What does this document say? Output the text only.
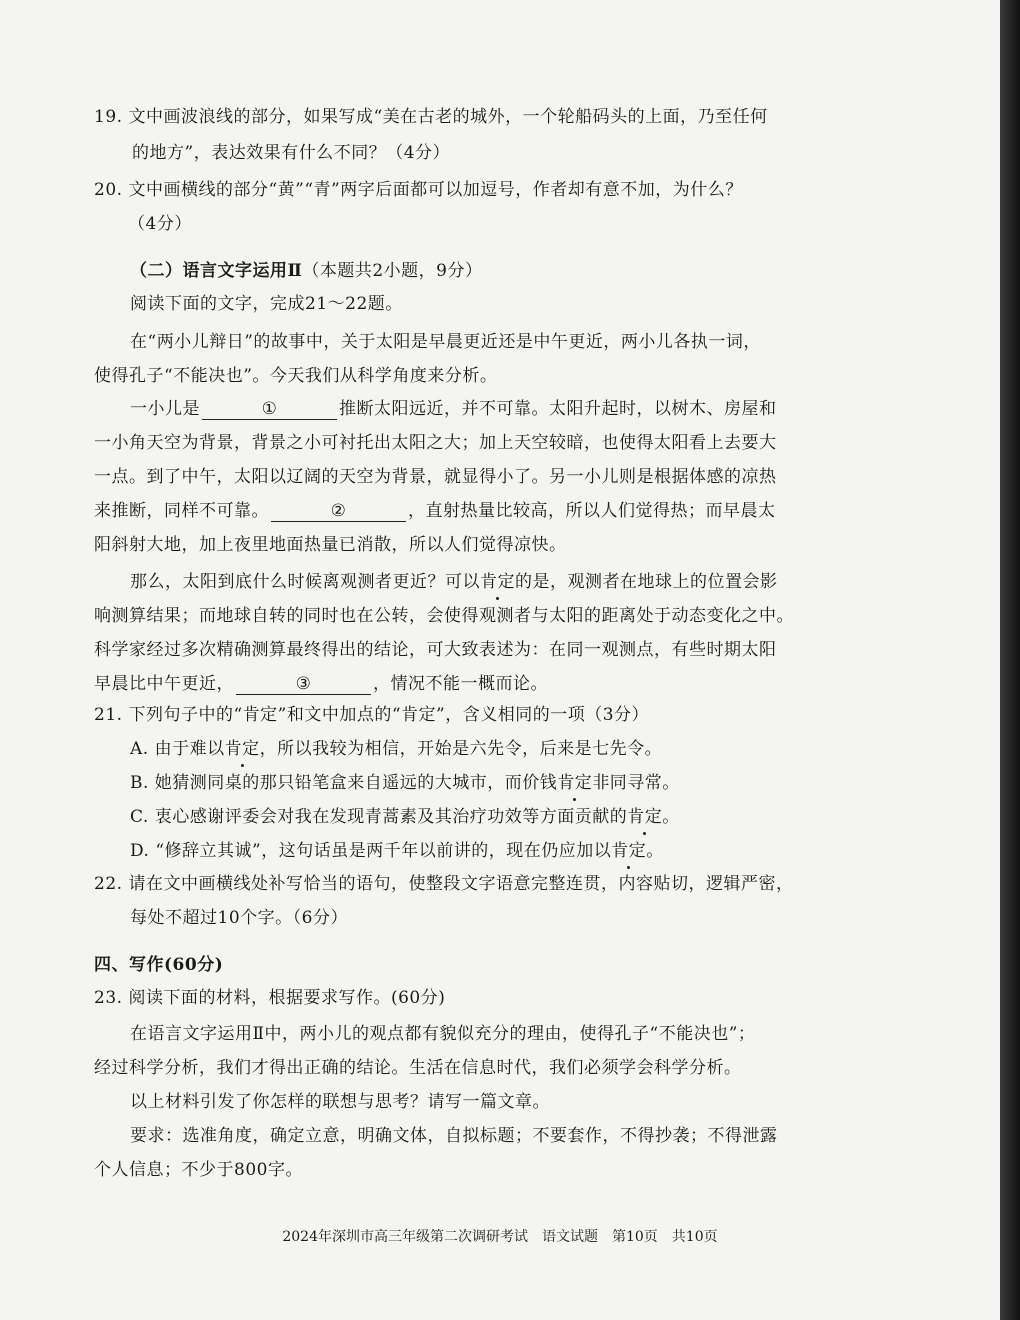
19. 文中画波浪线的部分，如果写成“美在古老的城外，一个轮船码头的上面，乃至任何
的地方”，表达效果有什么不同？（4分）
20. 文中画横线的部分“黄”“青”两字后面都可以加逗号，作者却有意不加，为什么？
（4分）
（二）语言文字运用Ⅱ（本题共2小题，9分）
阅读下面的文字，完成21～22题。
在“两小儿辩日”的故事中，关于太阳是早晨更近还是中午更近，两小儿各执一词，
使得孔子“不能决也”。今天我们从科学角度来分析。
一小儿是	①	推断太阳远近，并不可靠。太阳升起时，以树木、房屋和
一小角天空为背景，背景之小可衬托出太阳之大；加上天空较暗，也使得太阳看上去要大
一点。到了中午，太阳以辽阔的天空为背景，就显得小了。另一小儿则是根据体感的凉热
来推断，同样不可靠。	②	，直射热量比较高，所以人们觉得热；而早晨太
阳斜射大地，加上夜里地面热量已消散，所以人们觉得凉快。
那么，太阳到底什么时候离观测者更近？可以肯定的是，观测者在地球上的位置会影
响测算结果；而地球自转的同时也在公转，会使得观测者与太阳的距离处于动态变化之中。
科学家经过多次精确测算最终得出的结论，可大致表述为：在同一观测点，有些时期太阳
早晨比中午更近，	③	，情况不能一概而论。
21. 下列句子中的“肯定”和文中加点的“肯定”，含义相同的一项（3分）
A. 由于难以肯定，所以我较为相信，开始是六先令，后来是七先令。
B. 她猜测同桌的那只铅笔盒来自遥远的大城市，而价钱肯定非同寻常。
C. 衷心感谢评委会对我在发现青蒿素及其治疗功效等方面贡献的肯定。
D. “修辞立其诚”，这句话虽是两千年以前讲的，现在仍应加以肯定。
22. 请在文中画横线处补写恰当的语句，使整段文字语意完整连贯，内容贴切，逻辑严密，
每处不超过10个字。（6分）
四、写作(60分)
23. 阅读下面的材料，根据要求写作。(60分)
在语言文字运用Ⅱ中，两小儿的观点都有貌似充分的理由，使得孔子“不能决也”；
经过科学分析，我们才得出正确的结论。生活在信息时代，我们必须学会科学分析。
以上材料引发了你怎样的联想与思考？请写一篇文章。
要求：选准角度，确定立意，明确文体，自拟标题；不要套作，不得抄袭；不得泄露
个人信息；不少于800字。
2024年深圳市高三年级第二次调研考试　语文试题　第10页　共10页
